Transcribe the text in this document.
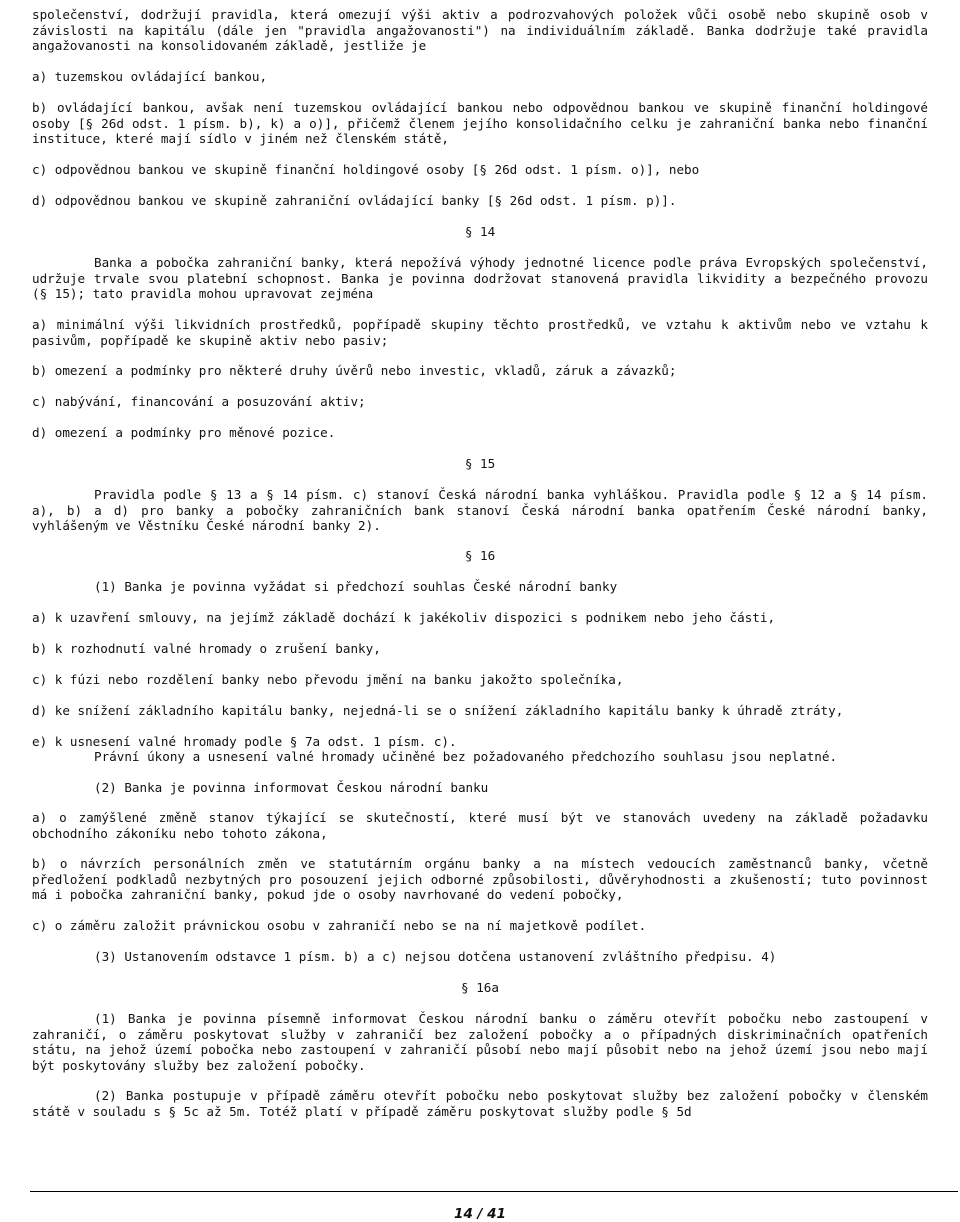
společenství, dodržují pravidla, která omezují výši aktiv a podrozvahových položek vůči osobě nebo skupině osob v závislosti na kapitálu (dále jen "pravidla angažovanosti") na individuálním základě. Banka dodržuje také pravidla angažovanosti na konsolidovaném základě, jestliže je

a) tuzemskou ovládající bankou,

b) ovládající bankou, avšak není tuzemskou ovládající bankou nebo odpovědnou bankou ve skupině finanční holdingové osoby [§ 26d odst. 1 písm. b), k) a o)], přičemž členem jejího konsolidačního celku je zahraniční banka nebo finanční instituce, které mají sídlo v jiném než členském státě,

c) odpovědnou bankou ve skupině finanční holdingové osoby [§ 26d odst. 1 písm. o)], nebo

d) odpovědnou bankou ve skupině zahraniční ovládající banky [§ 26d odst. 1 písm. p)].

§ 14

Banka a pobočka zahraniční banky, která nepožívá výhody jednotné licence podle práva Evropských společenství, udržuje trvale svou platební schopnost. Banka je povinna dodržovat stanovená pravidla likvidity a bezpečného provozu (§ 15); tato pravidla mohou upravovat zejména

a) minimální výši likvidních prostředků, popřípadě skupiny těchto prostředků, ve vztahu k aktivům nebo ve vztahu k pasivům, popřípadě ke skupině aktiv nebo pasiv;

b) omezení a podmínky pro některé druhy úvěrů nebo investic, vkladů, záruk a závazků;

c) nabývání, financování a posuzování aktiv;

d) omezení a podmínky pro měnové pozice.

§ 15

Pravidla podle § 13 a § 14 písm. c) stanoví Česká národní banka vyhláškou. Pravidla podle § 12 a § 14 písm. a), b) a d) pro banky a pobočky zahraničních bank stanoví Česká národní banka opatřením České národní banky, vyhlášeným ve Věstníku České národní banky 2).

§ 16

(1) Banka je povinna vyžádat si předchozí souhlas České národní banky

a) k uzavření smlouvy, na jejímž základě dochází k jakékoliv dispozici s podnikem nebo jeho části,

b) k rozhodnutí valné hromady o zrušení banky,

c) k fúzi nebo rozdělení banky nebo převodu jmění na banku jakožto společníka,

d) ke snížení základního kapitálu banky, nejedná-li se o snížení základního kapitálu banky k úhradě ztráty,

e) k usnesení valné hromady podle § 7a odst. 1 písm. c).

Právní úkony a usnesení valné hromady učiněné bez požadovaného předchozího souhlasu jsou neplatné.

(2) Banka je povinna informovat Českou národní banku

a) o zamýšlené změně stanov týkající se skutečností, které musí být ve stanovách uvedeny na základě požadavku obchodního zákoníku nebo tohoto zákona,

b) o návrzích personálních změn ve statutárním orgánu banky a na místech vedoucích zaměstnanců banky, včetně předložení podkladů nezbytných pro posouzení jejich odborné způsobilosti, důvěryhodnosti a zkušeností; tuto povinnost má i pobočka zahraniční banky, pokud jde o osoby navrhované do vedení pobočky,

c) o záměru založit právnickou osobu v zahraničí nebo se na ní majetkově podílet.

(3) Ustanovením odstavce 1 písm. b) a c) nejsou dotčena ustanovení zvláštního předpisu. 4)

§ 16a

(1) Banka je povinna písemně informovat Českou národní banku o záměru otevřít pobočku nebo zastoupení v zahraničí, o záměru poskytovat služby v zahraničí bez založení pobočky a o případných diskriminačních opatřeních státu, na jehož území pobočka nebo zastoupení v zahraničí působí nebo mají působit nebo na jehož území jsou nebo mají být poskytovány služby bez založení pobočky.

(2) Banka postupuje v případě záměru otevřít pobočku nebo poskytovat služby bez založení pobočky v členském státě v souladu s § 5c až 5m. Totéž platí v případě záměru poskytovat služby podle § 5d

14 / 41
